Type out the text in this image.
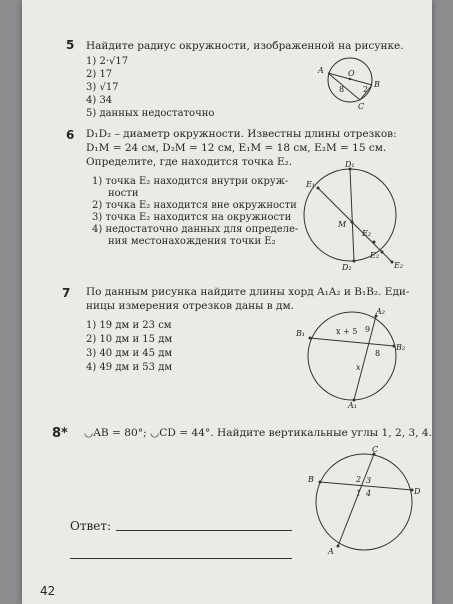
5 Найдите радиус окружности, изображенной на рисунке.
1) 2·√17
2) 17
3) √17
4) 34
5) данных недостаточно
A	O
B
C
8 2
6 D₁D₂ – диаметр окружности. Известны длины отрезков:
D₁M = 24 см, D₂M = 12 см, E₁M = 18 см, E₂M = 15 см.
Определите, где находится точка E₂.
1) точка E₂ находится внутри окруж-
ности
2) точка E₂ находится вне окружности
3) точка E₂ находится на окружности
4) недостаточно данных для определе-
ния местонахождения точки E₂
D₁
E₁
M
E₂
D₂
E₂
E₂
7 По данным рисунка найдите длины хорд A₁A₂ и B₁B₂. Еди-
ницы измерения отрезков даны в дм.
1) 19 дм и 23 см
2) 10 дм и 15 дм
3) 40 дм и 45 дм
4) 49 дм и 53 дм
A₂
B₁
B₂
A₁
x + 5 9
8
x
8* ◡AB = 80°; ◡CD = 44°. Найдите вертикальные углы 1, 2, 3, 4.
Ответ:
C
B
D
A
2 3
1 4
42
